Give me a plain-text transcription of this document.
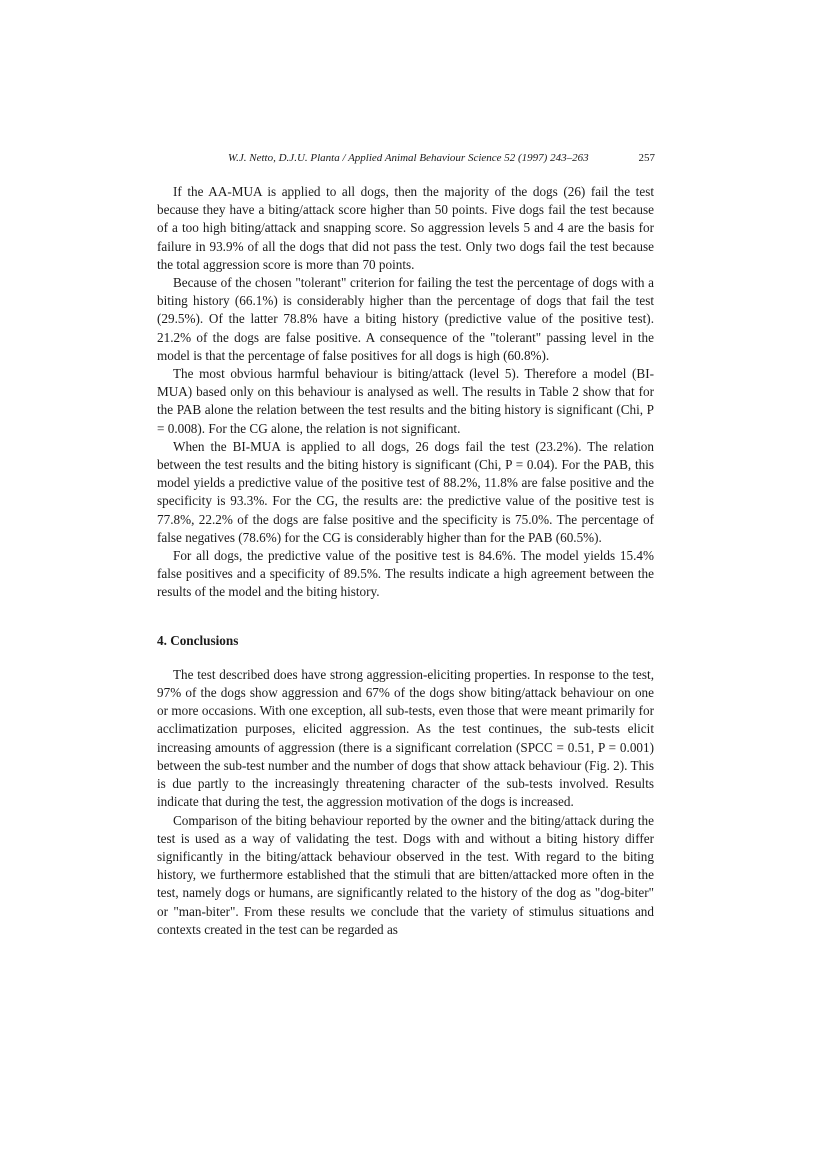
W.J. Netto, D.J.U. Planta / Applied Animal Behaviour Science 52 (1997) 243–263	257

If the AA-MUA is applied to all dogs, then the majority of the dogs (26) fail the test because they have a biting/attack score higher than 50 points. Five dogs fail the test because of a too high biting/attack and snapping score. So aggression levels 5 and 4 are the basis for failure in 93.9% of all the dogs that did not pass the test. Only two dogs fail the test because the total aggression score is more than 70 points.

Because of the chosen "tolerant" criterion for failing the test the percentage of dogs with a biting history (66.1%) is considerably higher than the percentage of dogs that fail the test (29.5%). Of the latter 78.8% have a biting history (predictive value of the positive test). 21.2% of the dogs are false positive. A consequence of the "tolerant" passing level in the model is that the percentage of false positives for all dogs is high (60.8%).

The most obvious harmful behaviour is biting/attack (level 5). Therefore a model (BI-MUA) based only on this behaviour is analysed as well. The results in Table 2 show that for the PAB alone the relation between the test results and the biting history is significant (Chi, P = 0.008). For the CG alone, the relation is not significant.

When the BI-MUA is applied to all dogs, 26 dogs fail the test (23.2%). The relation between the test results and the biting history is significant (Chi, P = 0.04). For the PAB, this model yields a predictive value of the positive test of 88.2%, 11.8% are false positive and the specificity is 93.3%. For the CG, the results are: the predictive value of the positive test is 77.8%, 22.2% of the dogs are false positive and the specificity is 75.0%. The percentage of false negatives (78.6%) for the CG is considerably higher than for the PAB (60.5%).

For all dogs, the predictive value of the positive test is 84.6%. The model yields 15.4% false positives and a specificity of 89.5%. The results indicate a high agreement between the results of the model and the biting history.

4. Conclusions

The test described does have strong aggression-eliciting properties. In response to the test, 97% of the dogs show aggression and 67% of the dogs show biting/attack behaviour on one or more occasions. With one exception, all sub-tests, even those that were meant primarily for acclimatization purposes, elicited aggression. As the test continues, the sub-tests elicit increasing amounts of aggression (there is a significant correlation (SPCC = 0.51, P = 0.001) between the sub-test number and the number of dogs that show attack behaviour (Fig. 2). This is due partly to the increasingly threatening character of the sub-tests involved. Results indicate that during the test, the aggression motivation of the dogs is increased.

Comparison of the biting behaviour reported by the owner and the biting/attack during the test is used as a way of validating the test. Dogs with and without a biting history differ significantly in the biting/attack behaviour observed in the test. With regard to the biting history, we furthermore established that the stimuli that are bitten/attacked more often in the test, namely dogs or humans, are significantly related to the history of the dog as "dog-biter" or "man-biter". From these results we conclude that the variety of stimulus situations and contexts created in the test can be regarded as
